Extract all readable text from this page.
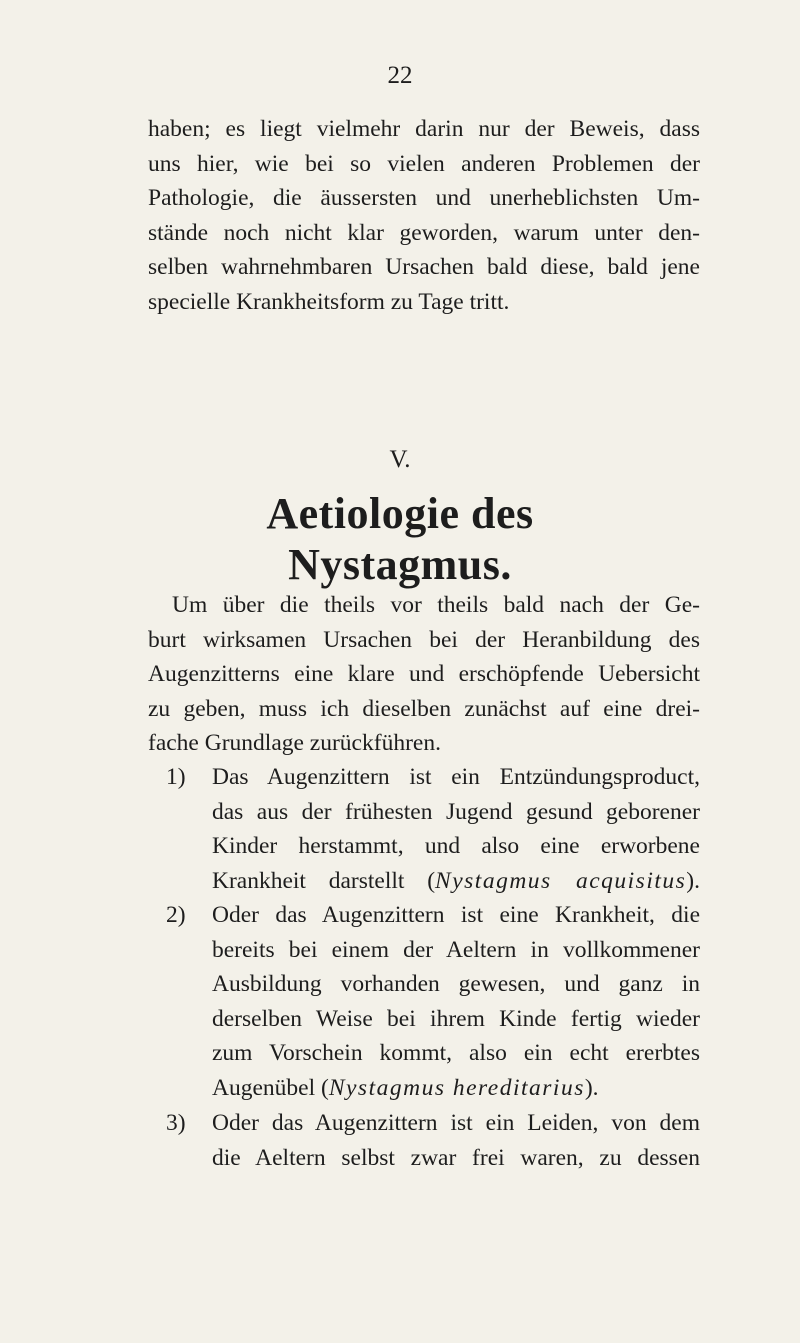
22
haben; es liegt vielmehr darin nur der Beweis, dass
uns hier, wie bei so vielen anderen Problemen der
Pathologie, die äussersten und unerheblichsten Um-
stände noch nicht klar geworden, warum unter den-
selben wahrnehmbaren Ursachen bald diese, bald jene
specielle Krankheitsform zu Tage tritt.
V.
Aetiologie des Nystagmus.
Um über die theils vor theils bald nach der Ge-
burt wirksamen Ursachen bei der Heranbildung des
Augenzitterns eine klare und erschöpfende Uebersicht
zu geben, muss ich dieselben zunächst auf eine drei-
fache Grundlage zurückführen.
1)	Das Augenzittern ist ein Entzündungsproduct,
das aus der frühesten Jugend gesund geborener
Kinder herstammt, und also eine erworbene
Krankheit darstellt (Nystagmus acquisitus).
2)	Oder das Augenzittern ist eine Krankheit, die
bereits bei einem der Aeltern in vollkommener
Ausbildung vorhanden gewesen, und ganz in
derselben Weise bei ihrem Kinde fertig wieder
zum Vorschein kommt, also ein echt ererbtes
Augenübel (Nystagmus hereditarius).
3)	Oder das Augenzittern ist ein Leiden, von dem
die Aeltern selbst zwar frei waren, zu dessen
